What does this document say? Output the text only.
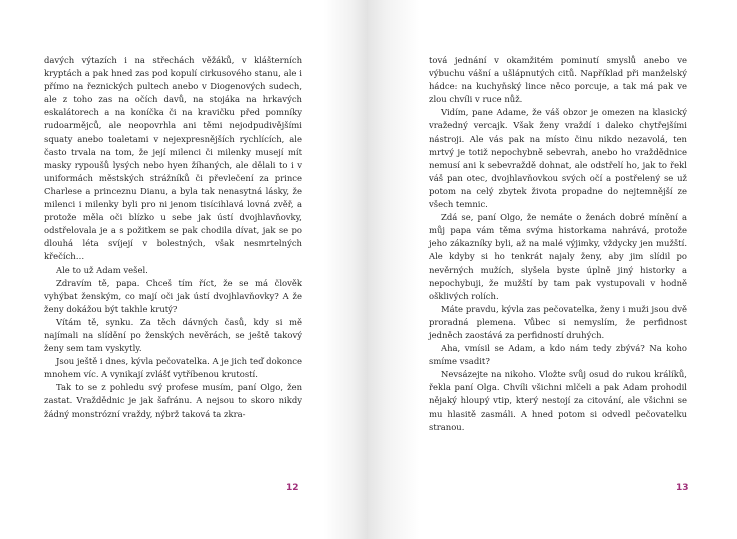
davých výtazích i na střechách věžáků, v klášterních kryptách a pak hned zas pod kopulí cirkusového stanu, ale i přímo na řeznických pultech anebo v Diogenových sudech, ale z toho zas na očích davů, na stojáka na hrkavých eskalátorech a na koníčka či na kravičku před pomníky rudoarmějců, ale neopovrhla ani těmi nejodpudivějšími squaty anebo toaletami v nejexpresnějších rychlících, ale často trvala na tom, že její milenci či milenky musejí mít masky rypoušů lysých nebo hyen žíhaných, ale dělali to i v uniformách městských strážníků či převlečení za prince Charlese a princeznu Dianu, a byla tak nenasytná lásky, že milenci i milenky byli pro ni jenom tisícihlavá lovná zvěř, a protože měla oči blízko u sebe jak ústí dvojhlavňovky, odstřelovala je a s požitkem se pak chodila dívat, jak se po dlouhá léta svíjejí v bolestných, však nesmrtelných křečích…

Ale to už Adam vešel.

Zdravím tě, papa. Chceš tím říct, že se má člověk vyhýbat ženským, co mají oči jak ústí dvojhlavňovky? A že ženy dokážou být takhle krutý?

Vítám tě, synku. Za těch dávných časů, kdy si mě najímali na slídění po ženských nevěrách, se ještě takový ženy sem tam vyskytly.

Jsou ještě i dnes, kývla pečovatelka. A je jich teď dokonce mnohem víc. A vynikají zvlášť vytříbenou krutostí.

Tak to se z pohledu svý profese musím, paní Olgo, žen zastat. Vraždědnic je jak šafránu. A nejsou to skoro nikdy žádný monstrózní vraždy, nýbrž taková ta zkra-

12

tová jednání v okamžitém pominutí smyslů anebo ve výbuchu vášní a ušlápnutých citů. Například při manželský hádce: na kuchyňský lince něco porcuje, a tak má pak ve zlou chvíli v ruce nůž.

Vidím, pane Adame, že váš obzor je omezen na klasický vražedný vercajk. Však ženy vraždí i daleko chytřejšími nástroji. Ale vás pak na místo činu nikdo nezavolá, ten mrtvý je totiž nepochybně sebevrah, anebo ho vraždědnice nemusí ani k sebevraždě dohnat, ale odstřelí ho, jak to řekl váš pan otec, dvojhlavňovkou svých očí a postřelený se už potom na celý zbytek života propadne do nejtemnější ze všech temnic.

Zdá se, paní Olgo, že nemáte o ženách dobré mínění a můj papa vám těma svýma historkama nahrává, protože jeho zákazníky byli, až na malé výjimky, vždycky jen mužští. Ale kdyby si ho tenkrát najaly ženy, aby jim slídil po nevěrných mužích, slyšela byste úplně jiný historky a nepochybuji, že mužští by tam pak vystupovali v hodně ošklivých rolích.

Máte pravdu, kývla zas pečovatelka, ženy i muži jsou dvě proradná plemena. Vůbec si nemyslím, že perfidnost jedněch zaostává za perfidností druhých.

Aha, vmísil se Adam, a kdo nám tedy zbývá? Na koho smíme vsadit?

Nevsázejte na nikoho. Vložte svůj osud do rukou králíků, řekla paní Olga. Chvíli všichni mlčeli a pak Adam prohodil nějaký hloupý vtip, který nestojí za citování, ale všichni se mu hlasitě zasmáli. A hned potom si odvedl pečovatelku stranou.

13
